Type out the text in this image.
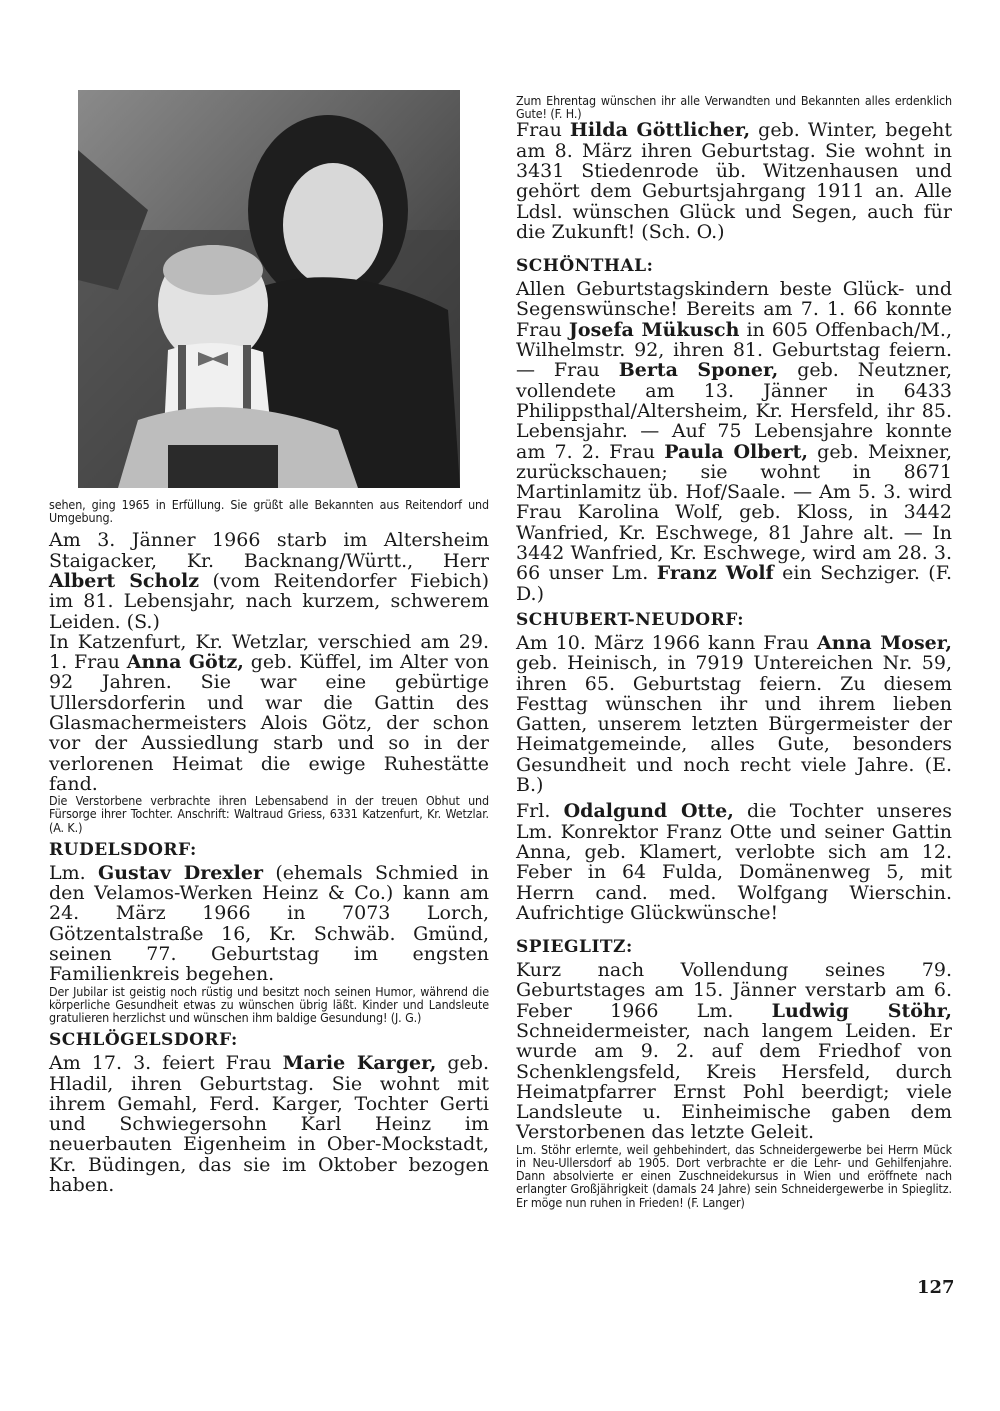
sehen, ging 1965 in Erfüllung. Sie grüßt alle Bekannten aus Reitendorf und Umgebung.

Am 3. Jänner 1966 starb im Altersheim Staigacker, Kr. Backnang/Württ., Herr Albert Scholz (vom Reitendorfer Fiebich) im 81. Lebensjahr, nach kurzem, schwerem Leiden. (S.)

In Katzenfurt, Kr. Wetzlar, verschied am 29. 1. Frau Anna Götz, geb. Küffel, im Alter von 92 Jahren. Sie war eine gebürtige Ullersdorferin und war die Gattin des Glasmachermeisters Alois Götz, der schon vor der Aussiedlung starb und so in der verlorenen Heimat die ewige Ruhestätte fand.

Die Verstorbene verbrachte ihren Lebensabend in der treuen Obhut und Fürsorge ihrer Tochter. Anschrift: Waltraud Griess, 6331 Katzenfurt, Kr. Wetzlar. (A. K.)

RUDELSDORF:

Lm. Gustav Drexler (ehemals Schmied in den Velamos-Werken Heinz & Co.) kann am 24. März 1966 in 7073 Lorch, Götzentalstraße 16, Kr. Schwäb. Gmünd, seinen 77. Geburtstag im engsten Familienkreis begehen.

Der Jubilar ist geistig noch rüstig und besitzt noch seinen Humor, während die körperliche Gesundheit etwas zu wünschen übrig läßt. Kinder und Landsleute gratulieren herzlichst und wünschen ihm baldige Gesundung! (J. G.)

SCHLÖGELSDORF:

Am 17. 3. feiert Frau Marie Karger, geb. Hladil, ihren Geburtstag. Sie wohnt mit ihrem Gemahl, Ferd. Karger, Tochter Gerti und Schwiegersohn Karl Heinz im neuerbauten Eigenheim in Ober-Mockstadt, Kr. Büdingen, das sie im Oktober bezogen haben.

Zum Ehrentag wünschen ihr alle Verwandten und Bekannten alles erdenklich Gute! (F. H.)

Frau Hilda Göttlicher, geb. Winter, begeht am 8. März ihren Geburtstag. Sie wohnt in 3431 Stiedenrode üb. Witzenhausen und gehört dem Geburtsjahrgang 1911 an. Alle Ldsl. wünschen Glück und Segen, auch für die Zukunft! (Sch. O.)

SCHÖNTHAL:

Allen Geburtstagskindern beste Glück- und Segenswünsche! Bereits am 7. 1. 66 konnte Frau Josefa Mükusch in 605 Offenbach/M., Wilhelmstr. 92, ihren 81. Geburtstag feiern. — Frau Berta Sponer, geb. Neutzner, vollendete am 13. Jänner in 6433 Philippsthal/Altersheim, Kr. Hersfeld, ihr 85. Lebensjahr. — Auf 75 Lebensjahre konnte am 7. 2. Frau Paula Olbert, geb. Meixner, zurückschauen; sie wohnt in 8671 Martinlamitz üb. Hof/Saale. — Am 5. 3. wird Frau Karolina Wolf, geb. Kloss, in 3442 Wanfried, Kr. Eschwege, 81 Jahre alt. — In 3442 Wanfried, Kr. Eschwege, wird am 28. 3. 66 unser Lm. Franz Wolf ein Sechziger. (F. D.)

SCHUBERT-NEUDORF:

Am 10. März 1966 kann Frau Anna Moser, geb. Heinisch, in 7919 Untereichen Nr. 59, ihren 65. Geburtstag feiern. Zu diesem Festtag wünschen ihr und ihrem lieben Gatten, unserem letzten Bürgermeister der Heimatgemeinde, alles Gute, besonders Gesundheit und noch recht viele Jahre. (E. B.)

Frl. Odalgund Otte, die Tochter unseres Lm. Konrektor Franz Otte und seiner Gattin Anna, geb. Klamert, verlobte sich am 12. Feber in 64 Fulda, Domänenweg 5, mit Herrn cand. med. Wolfgang Wierschin. Aufrichtige Glückwünsche!

SPIEGLITZ:

Kurz nach Vollendung seines 79. Geburtstages am 15. Jänner verstarb am 6. Feber 1966 Lm. Ludwig Stöhr, Schneidermeister, nach langem Leiden. Er wurde am 9. 2. auf dem Friedhof von Schenklengsfeld, Kreis Hersfeld, durch Heimatpfarrer Ernst Pohl beerdigt; viele Landsleute u. Einheimische gaben dem Verstorbenen das letzte Geleit.

Lm. Stöhr erlernte, weil gehbehindert, das Schneidergewerbe bei Herrn Mück in Neu-Ullersdorf ab 1905. Dort verbrachte er die Lehr- und Gehilfenjahre. Dann absolvierte er einen Zuschneidekursus in Wien und eröffnete nach erlangter Großjährigkeit (damals 24 Jahre) sein Schneidergewerbe in Spieglitz. Er möge nun ruhen in Frieden! (F. Langer)

127
